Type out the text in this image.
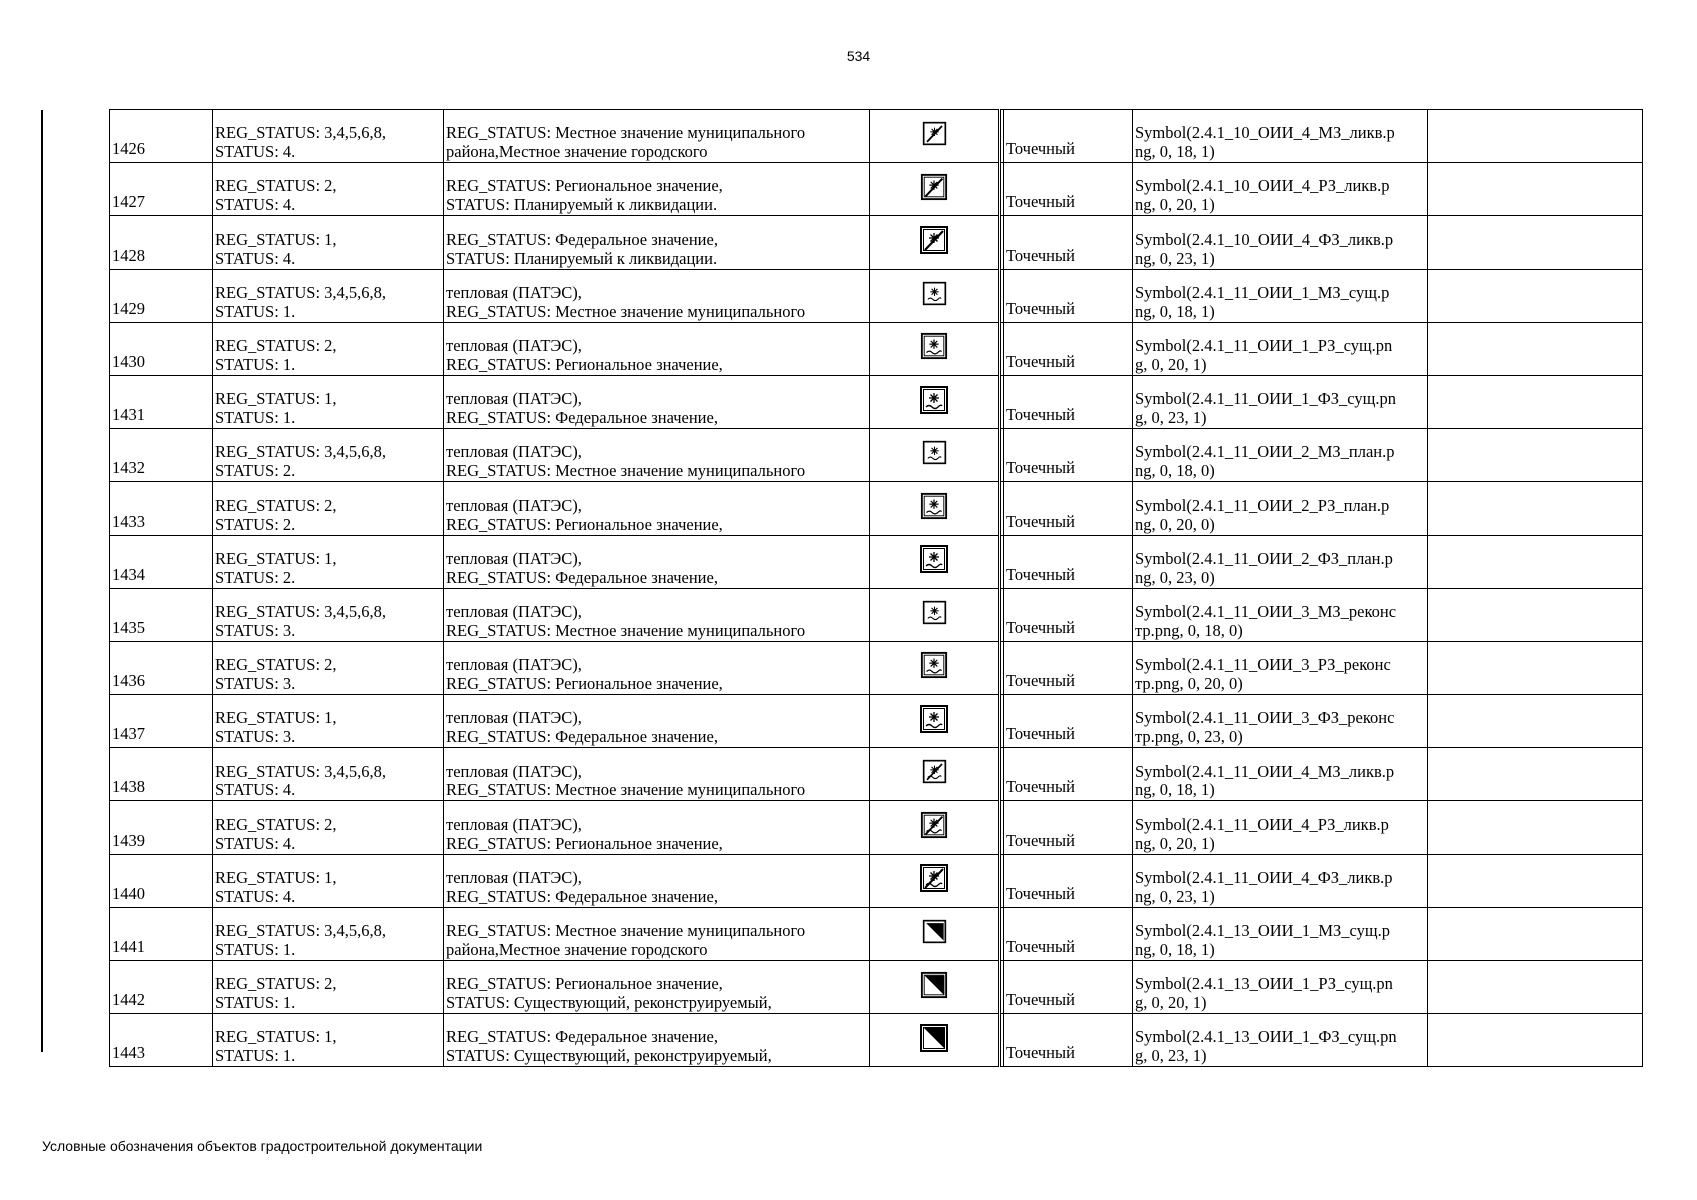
534
1426	REG_STATUS: 3,4,5,6,8,
STATUS: 4.	REG_STATUS: Местное значение муниципального
района,Местное значение городского			Точечный	Symbol(2.4.1_10_ОИИ_4_МЗ_ликв.p
ng, 0, 18, 1)	

1427	REG_STATUS: 2,
STATUS: 4.	REG_STATUS: Региональное значение,
STATUS: Планируемый к ликвидации.			Точечный	Symbol(2.4.1_10_ОИИ_4_РЗ_ликв.p
ng, 0, 20, 1)	

1428	REG_STATUS: 1,
STATUS: 4.	REG_STATUS: Федеральное значение,
STATUS: Планируемый к ликвидации.			Точечный	Symbol(2.4.1_10_ОИИ_4_ФЗ_ликв.p
ng, 0, 23, 1)	

1429	REG_STATUS: 3,4,5,6,8,
STATUS: 1.	тепловая (ПАТЭС),
REG_STATUS: Местное значение муниципального			Точечный	Symbol(2.4.1_11_ОИИ_1_МЗ_сущ.p
ng, 0, 18, 1)	

1430	REG_STATUS: 2,
STATUS: 1.	тепловая (ПАТЭС),
REG_STATUS: Региональное значение,			Точечный	Symbol(2.4.1_11_ОИИ_1_РЗ_сущ.pn
g, 0, 20, 1)	

1431	REG_STATUS: 1,
STATUS: 1.	тепловая (ПАТЭС),
REG_STATUS: Федеральное значение,			Точечный	Symbol(2.4.1_11_ОИИ_1_ФЗ_сущ.pn
g, 0, 23, 1)	

1432	REG_STATUS: 3,4,5,6,8,
STATUS: 2.	тепловая (ПАТЭС),
REG_STATUS: Местное значение муниципального			Точечный	Symbol(2.4.1_11_ОИИ_2_МЗ_план.p
ng, 0, 18, 0)	

1433	REG_STATUS: 2,
STATUS: 2.	тепловая (ПАТЭС),
REG_STATUS: Региональное значение,			Точечный	Symbol(2.4.1_11_ОИИ_2_РЗ_план.p
ng, 0, 20, 0)	

1434	REG_STATUS: 1,
STATUS: 2.	тепловая (ПАТЭС),
REG_STATUS: Федеральное значение,			Точечный	Symbol(2.4.1_11_ОИИ_2_ФЗ_план.p
ng, 0, 23, 0)	

1435	REG_STATUS: 3,4,5,6,8,
STATUS: 3.	тепловая (ПАТЭС),
REG_STATUS: Местное значение муниципального			Точечный	Symbol(2.4.1_11_ОИИ_3_МЗ_реконс
тр.png, 0, 18, 0)	

1436	REG_STATUS: 2,
STATUS: 3.	тепловая (ПАТЭС),
REG_STATUS: Региональное значение,			Точечный	Symbol(2.4.1_11_ОИИ_3_РЗ_реконс
тр.png, 0, 20, 0)	

1437	REG_STATUS: 1,
STATUS: 3.	тепловая (ПАТЭС),
REG_STATUS: Федеральное значение,			Точечный	Symbol(2.4.1_11_ОИИ_3_ФЗ_реконс
тр.png, 0, 23, 0)	

1438	REG_STATUS: 3,4,5,6,8,
STATUS: 4.	тепловая (ПАТЭС),
REG_STATUS: Местное значение муниципального			Точечный	Symbol(2.4.1_11_ОИИ_4_МЗ_ликв.p
ng, 0, 18, 1)	

1439	REG_STATUS: 2,
STATUS: 4.	тепловая (ПАТЭС),
REG_STATUS: Региональное значение,			Точечный	Symbol(2.4.1_11_ОИИ_4_РЗ_ликв.p
ng, 0, 20, 1)	

1440	REG_STATUS: 1,
STATUS: 4.	тепловая (ПАТЭС),
REG_STATUS: Федеральное значение,			Точечный	Symbol(2.4.1_11_ОИИ_4_ФЗ_ликв.p
ng, 0, 23, 1)	

1441	REG_STATUS: 3,4,5,6,8,
STATUS: 1.	REG_STATUS: Местное значение муниципального
района,Местное значение городского			Точечный	Symbol(2.4.1_13_ОИИ_1_МЗ_сущ.p
ng, 0, 18, 1)	

1442	REG_STATUS: 2,
STATUS: 1.	REG_STATUS: Региональное значение,
STATUS: Существующий, реконструируемый,			Точечный	Symbol(2.4.1_13_ОИИ_1_РЗ_сущ.pn
g, 0, 20, 1)	

1443	REG_STATUS: 1,
STATUS: 1.	REG_STATUS: Федеральное значение,
STATUS: Существующий, реконструируемый,			Точечный	Symbol(2.4.1_13_ОИИ_1_ФЗ_сущ.pn
g, 0, 23, 1)	

Условные обозначения объектов градостроительной документации
